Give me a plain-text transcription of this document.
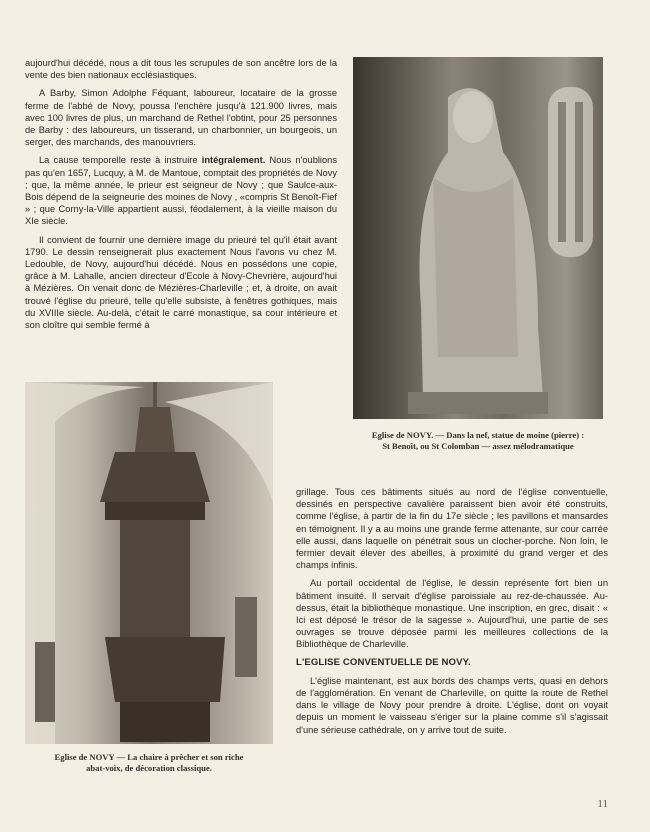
aujourd'hui décédé, nous a dit tous les scrupules de son ancêtre lors de la vente des bien nationaux ecclésiastiques.

A Barby, Simon Adolphe Féquant, laboureur, locataire de la grosse ferme de l'abbé de Novy, poussa l'enchère jusqu'à 121.900 livres, mais avec 100 livres de plus, un marchand de Rethel l'obtint, pour 25 personnes de Barby : des laboureurs, un tisserand, un charbonnier, un bourgeois, un serger, des marchands, des manouvriers.

La cause temporelle reste à instruire intégralement. Nous n'oublions pas qu'en 1657, Lucquy, à M. de Mantoue, comptait des propriétés de Novy ; que, la même année, le prieur est seigneur de Novy ; que Saulce-aux-Bois dépend de la seigneurie des moines de Novy , «compris St Benoît-Fief » ; que Corny-la-Ville appartient aussi, féodalement, à la vieille maison du XIe siècle.

Il convient de fournir une dernière image du prieuré tel qu'il était avant 1790. Le dessin renseignerait plus exactement Nous l'avons vu chez M. Ledouble, de Novy, aujourd'hui décédé. Nous en possédons une copie, grâce à M. Lahalle, ancien directeur d'Ecole à Novy-Chevrière, aujourd'hui à Mézières. On venait donc de Mézières-Charleville ; et, à droite, on avait trouvé l'église du prieuré, telle qu'elle subsiste, à fenêtres gothiques, mais du XVIIIe siècle. Au-delà, c'était le carré monastique, sa cour intérieure et son cloître qui semble fermé à

Eglise de NOVY. — Dans la nef, statue de moine (pierre) :
St Benoît, ou St Colomban — assez mélodramatique
Eglise de NOVY — La chaire à prêcher et son riche
abat-voix, de décoration classique.

grillage. Tous ces bâtiments situés au nord de l'église conventuelle, dessinés en perspective cavalière paraissent bien avoir été construits, comme l'église, à partir de la fin du 17e siècle ; les pavillons et mansardes en témoignent. Il y a au moins une grande ferme attenante, sur cour carrée elle aussi, dans laquelle on pénétrait sous un clocher-porche. Non loin, le fermier devait élever des abeilles, à proximité du grand verger et des champs infinis.

Au portail occidental de l'église, le dessin représente fort bien un bâtiment insuité. Il servait d'église paroissiale au rez-de-chaussée. Au-dessus, était la bibliothèque monastique. Une inscription, en grec, disait : « Ici est déposé le trésor de la sagesse ». Aujourd'hui, une partie de ses ouvrages se trouve déposée parmi les meilleures collections de la Bibliothèque de Charleville.

L'EGLISE CONVENTUELLE DE NOVY.

L'église maintenant, est aux bords des champs verts, quasi en dehors de l'agglomération. En venant de Charleville, on quitte la route de Rethel dans le village de Novy pour prendre à droite. L'église, dont on voyait depuis un moment le vaisseau s'ériger sur la plaine comme s'il s'agissait d'une sérieuse cathédrale, on y arrive tout de suite.

11
